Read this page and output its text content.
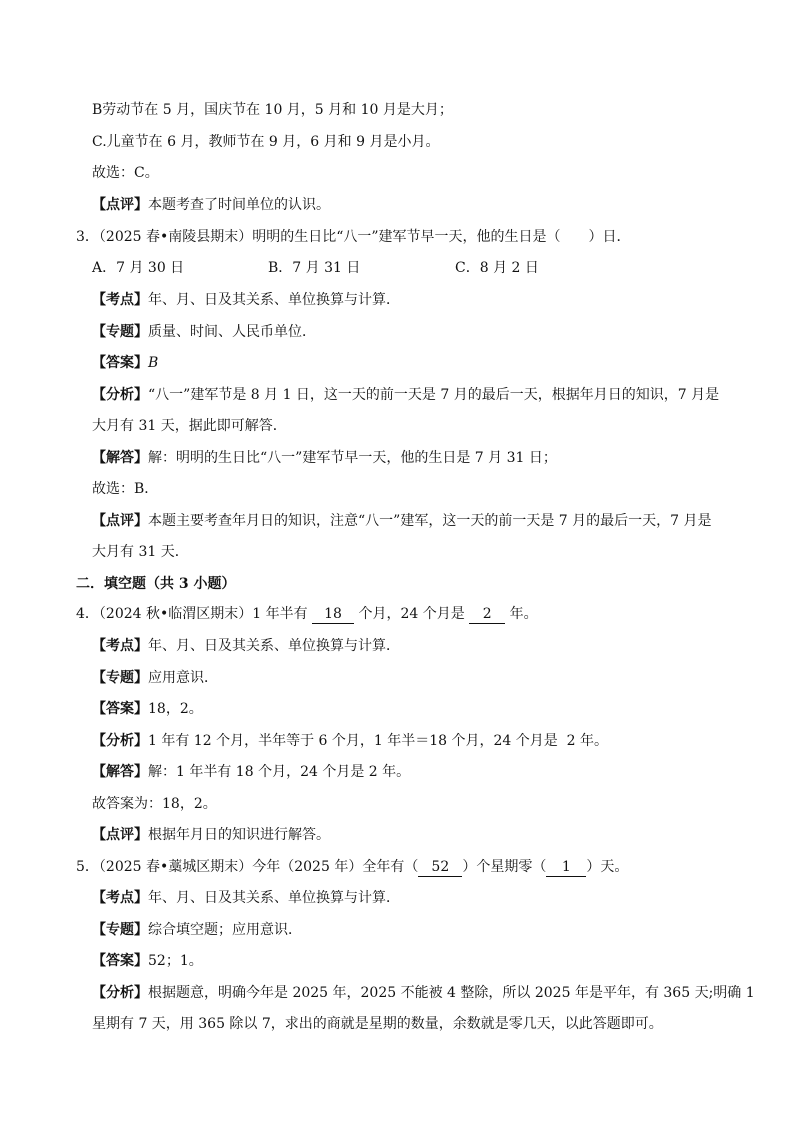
B劳动节在 5 月，国庆节在 10 月，5 月和 10 月是大月；
C.儿童节在 6 月，教师节在 9 月，6 月和 9 月是小月。
故选：C。
【点评】本题考查了时间单位的认识。
3．（2025 春•南陵县期末）明明的生日比“八一”建军节早一天，他的生日是（　　）日．
A．7 月 30 日	B．7 月 31 日	C．8 月 2 日
【考点】年、月、日及其关系、单位换算与计算．
【专题】质量、时间、人民币单位．
【答案】B
【分析】“八一”建军节是 8 月 1 日，这一天的前一天是 7 月的最后一天，根据年月日的知识，7 月是
大月有 31 天，据此即可解答．
【解答】解：明明的生日比“八一”建军节早一天，他的生日是 7 月 31 日；
故选：B．
【点评】本题主要考查年月日的知识，注意“八一”建军，这一天的前一天是 7 月的最后一天，7 月是
大月有 31 天．
二．填空题（共 3 小题）
4．（2024 秋•临渭区期末）1 年半有 18 个月，24 个月是 2 年。
【考点】年、月、日及其关系、单位换算与计算．
【专题】应用意识．
【答案】18，2。
【分析】1 年有 12 个月，半年等于 6 个月，1 年半＝18 个月，24 个月是  2 年。
【解答】解：1 年半有 18 个月，24 个月是 2 年。
故答案为：18，2。
【点评】根据年月日的知识进行解答。
5．（2025 春•藁城区期末）今年（2025 年）全年有（ 52 ）个星期零（ 1 ）天。
【考点】年、月、日及其关系、单位换算与计算．
【专题】综合填空题；应用意识．
【答案】52；1。
【分析】根据题意，明确今年是 2025 年，2025 不能被 4 整除，所以 2025 年是平年，有 365 天;明确 1
星期有 7 天，用 365 除以 7，求出的商就是星期的数量，余数就是零几天，以此答题即可。
